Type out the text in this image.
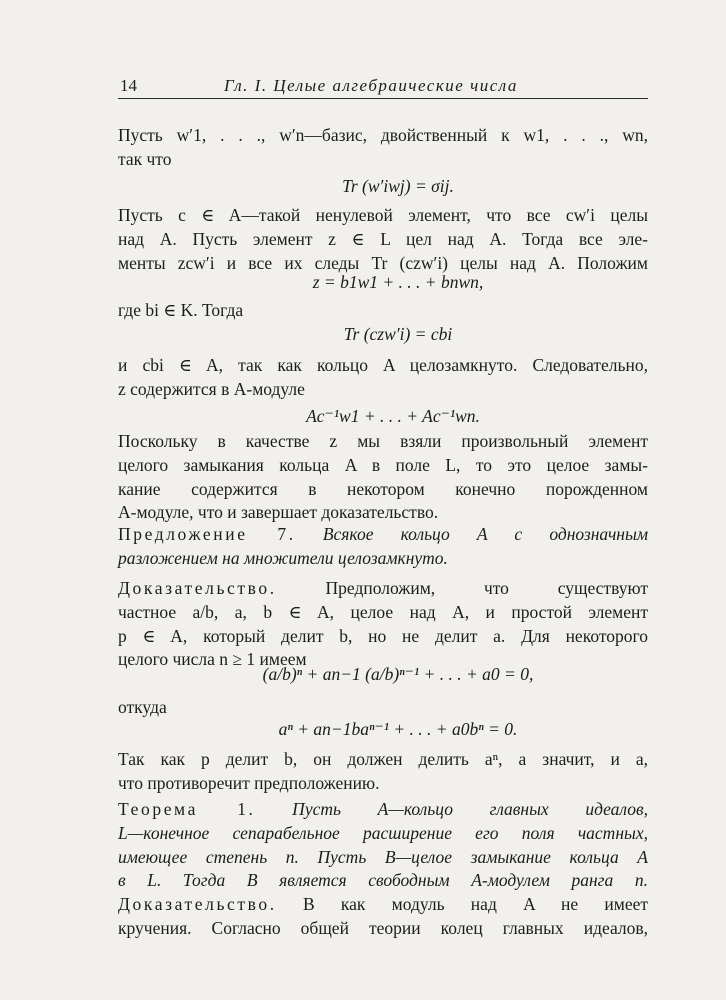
14	Гл. I. Целые алгебраические числа
Пусть w′1, . . ., w′n—базис, двойственный к w1, . . ., wn,
так что
Tr (w′iwj) = σij.
Пусть c ∈ A—такой ненулевой элемент, что все cw′i целы
над A. Пусть элемент z ∈ L цел над A. Тогда все эле-
менты zcw′i и все их следы Tr (czw′i) целы над A. Положим
z = b1w1 + . . . + bnwn,
где bi ∈ K. Тогда
Tr (czw′i) = cbi
и cbi ∈ A, так как кольцо A целозамкнуто. Следовательно,
z содержится в A-модуле
Ac⁻¹w1 + . . . + Ac⁻¹wn.
Поскольку в качестве z мы взяли произвольный элемент
целого замыкания кольца A в поле L, то это целое замы-
кание содержится в некотором конечно порожденном
A-модуле, что и завершает доказательство.
Предложение 7. Всякое кольцо A с однозначным
разложением на множители целозамкнуто.
Доказательство. Предположим, что существуют
частное a/b, a, b ∈ A, целое над A, и простой элемент
p ∈ A, который делит b, но не делит a. Для некоторого
целого числа n ≥ 1 имеем
(a/b)ⁿ + an−1 (a/b)ⁿ⁻¹ + . . . + a0 = 0,
откуда
aⁿ + an−1baⁿ⁻¹ + . . . + a0bⁿ = 0.
Так как p делит b, он должен делить aⁿ, а значит, и a,
что противоречит предположению.
Теорема 1. Пусть A—кольцо главных идеалов,
L—конечное сепарабельное расширение его поля частных,
имеющее степень n. Пусть B—целое замыкание кольца A
в L. Тогда B является свободным A-модулем ранга n.
Доказательство. B как модуль над A не имеет
кручения. Согласно общей теории колец главных идеалов,
